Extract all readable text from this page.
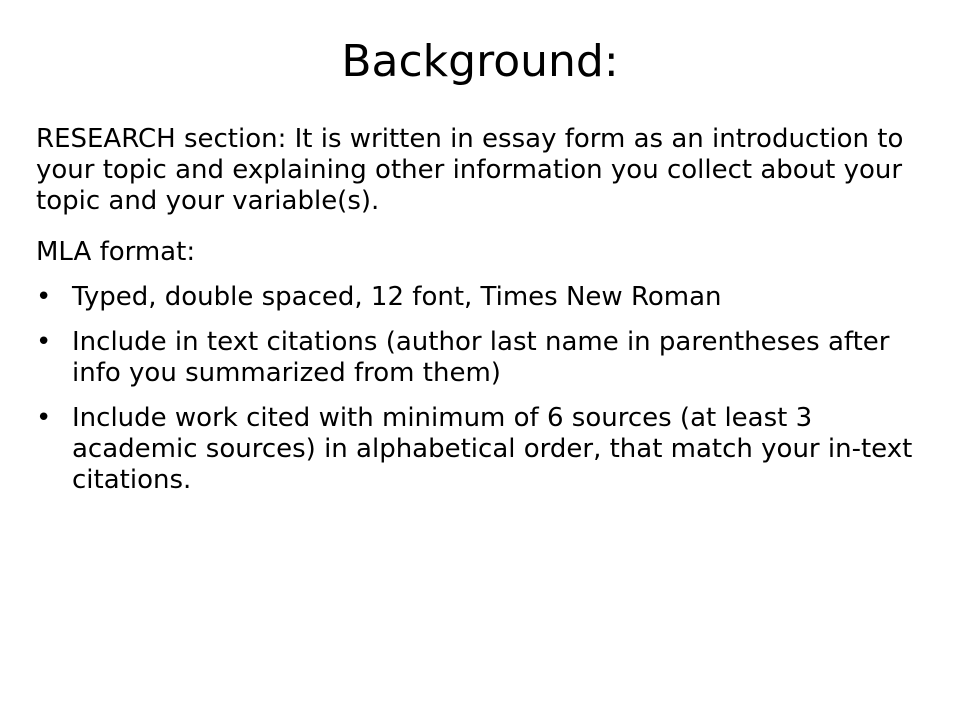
Background:

RESEARCH section: It is written in essay form as an introduction to your topic and explaining other information you collect about your topic and your variable(s).

MLA format:

• Typed, double spaced, 12 font, Times New Roman
• Include in text citations (author last name in parentheses after info you summarized from them)
• Include work cited with minimum of 6 sources (at least 3 academic sources) in alphabetical order, that match your in-text citations.
